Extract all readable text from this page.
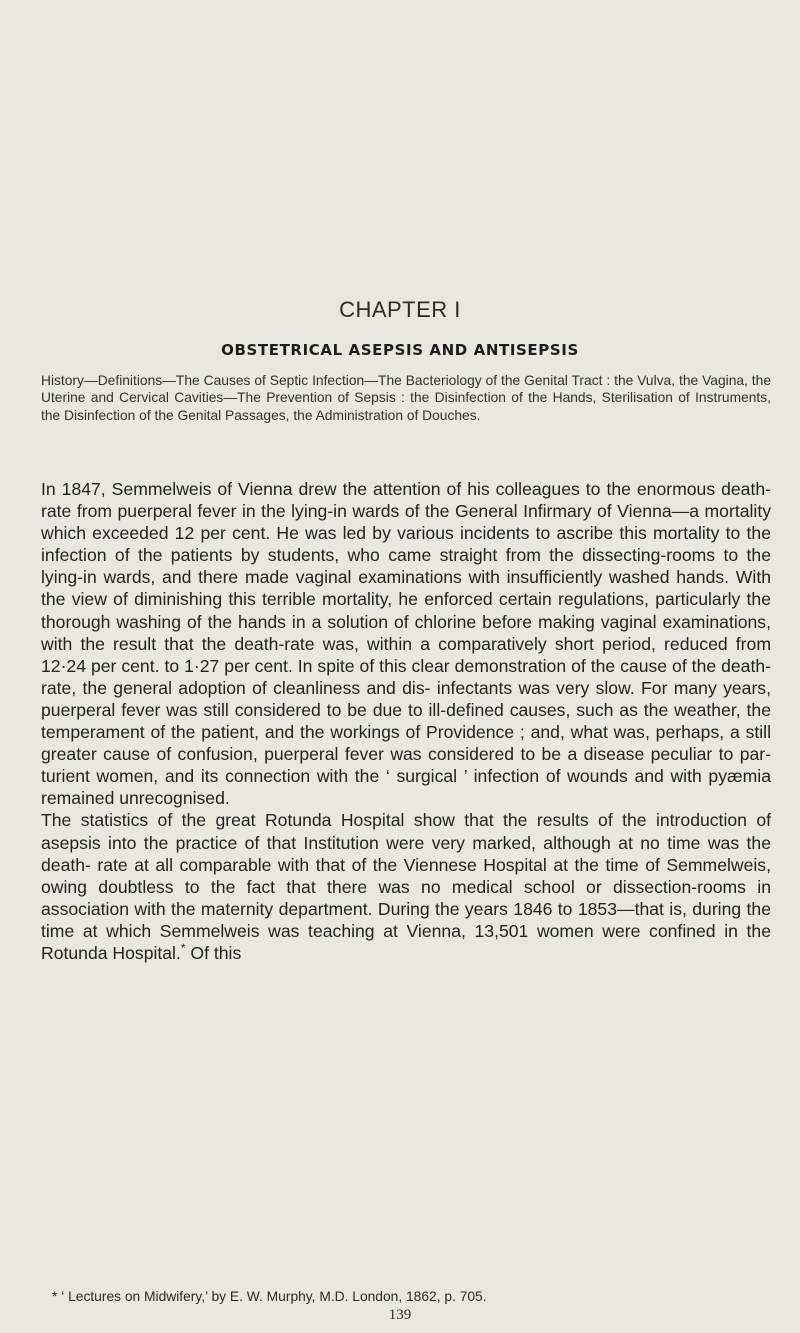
CHAPTER I
OBSTETRICAL ASEPSIS AND ANTISEPSIS
History—Definitions—The Causes of Septic Infection—The Bacteriology of the Genital Tract : the Vulva, the Vagina, the Uterine and Cervical Cavities—The Prevention of Sepsis : the Disinfection of the Hands, Sterilisation of Instruments, the Disinfection of the Genital Passages, the Administration of Douches.

In 1847, Semmelweis of Vienna drew the attention of his colleagues to the enormous death-rate from puerperal fever in the lying-in wards of the General Infirmary of Vienna—a mortality which exceeded 12 per cent. He was led by various incidents to ascribe this mortality to the infection of the patients by students, who came straight from the dissecting-rooms to the lying-in wards, and there made vaginal examinations with insufficiently washed hands. With the view of diminishing this terrible mortality, he enforced certain regulations, particularly the thorough washing of the hands in a solution of chlorine before making vaginal examinations, with the result that the death-rate was, within a comparatively short period, reduced from 12·24 per cent. to 1·27 per cent. In spite of this clear demonstration of the cause of the death-rate, the general adoption of cleanliness and dis- infectants was very slow. For many years, puerperal fever was still considered to be due to ill-defined causes, such as the weather, the temperament of the patient, and the workings of Providence ; and, what was, perhaps, a still greater cause of confusion, puerperal fever was considered to be a disease peculiar to par- turient women, and its connection with the ‘ surgical ’ infection of wounds and with pyæmia remained unrecognised.

The statistics of the great Rotunda Hospital show that the results of the introduction of asepsis into the practice of that Institution were very marked, although at no time was the death- rate at all comparable with that of the Viennese Hospital at the time of Semmelweis, owing doubtless to the fact that there was no medical school or dissection-rooms in association with the maternity department. During the years 1846 to 1853—that is, during the time at which Semmelweis was teaching at Vienna, 13,501 women were confined in the Rotunda Hospital.* Of this

* ‘ Lectures on Midwifery,’ by E. W. Murphy, M.D. London, 1862, p. 705.
139
